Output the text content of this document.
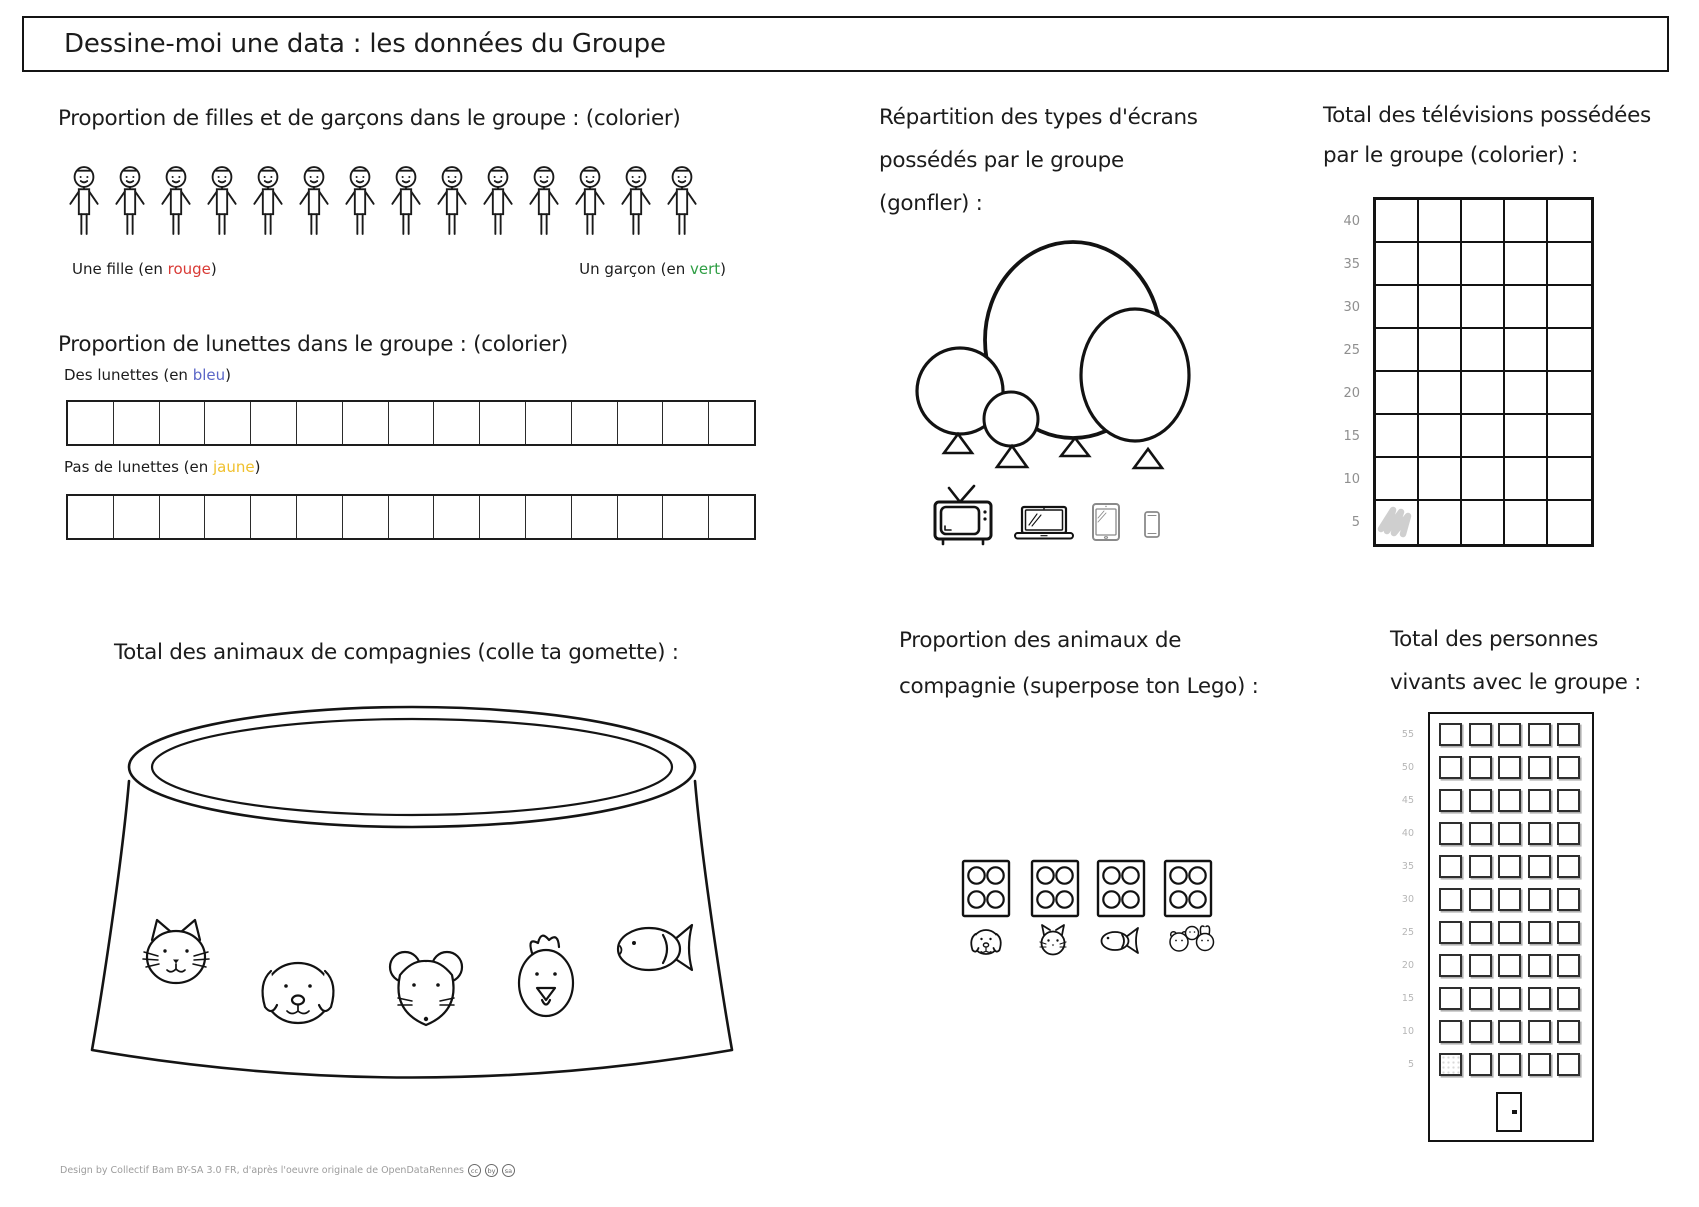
Dessine-moi une data : les données du Groupe
Proportion de filles et de garçons dans le groupe : (colorier)
Une fille (en rouge)	Un garçon (en vert)
Proportion de lunettes dans le groupe : (colorier)
Des lunettes (en bleu)
Pas de lunettes (en jaune)
Répartition des types d'écrans
possédés par le groupe
(gonfler) :
Total des télévisions possédées
par le groupe (colorier) :
40
35
30
25
20
15
10
5
Total des animaux de compagnies (colle ta gomette) :	Proportion des animaux de
compagnie (superpose ton Lego) :
Total des personnes
vivants avec le groupe :
55
50
45
40
35
30
25
20
15
10
5
Design by Collectif Bam BY-SA 3.0 FR, d'après l'oeuvre originale de OpenDataRennes	cc	by	sa
